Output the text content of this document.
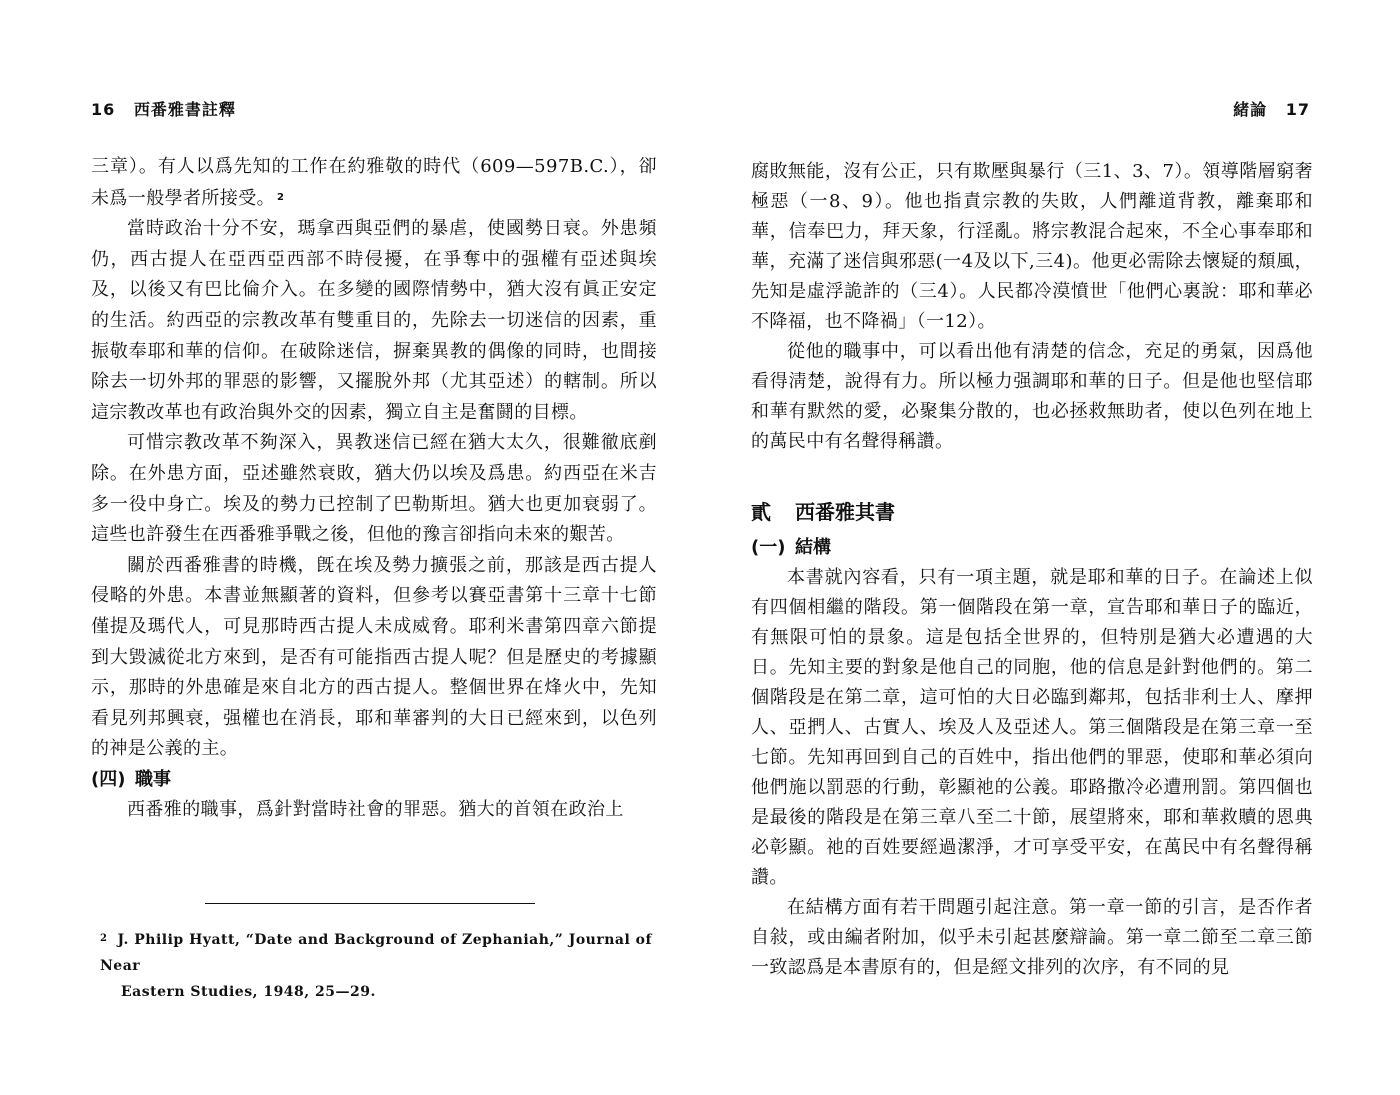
16 西番雅書註釋

三章）。有人以爲先知的工作在約雅敬的時代（609—597B.C.），卻未爲一般學者所接受。 $^2$

當時政治十分不安，瑪拿西與亞們的暴虐，使國勢日衰。外患頻仍，西古提人在亞西亞西部不時侵擾，在爭奪中的强權有亞述與埃及，以後又有巴比倫介入。在多變的國際情勢中，猶大沒有眞正安定的生活。約西亞的宗教改革有雙重目的，先除去一切迷信的因素，重振敬奉耶和華的信仰。在破除迷信，摒棄異教的偶像的同時，也間接除去一切外邦的罪惡的影響，又擺脫外邦（尤其亞述）的轄制。所以這宗教改革也有政治與外交的因素，獨立自主是奮鬪的目標。

可惜宗教改革不夠深入，異教迷信已經在猶大太久，很難徹底剷除。在外患方面，亞述雖然衰敗，猶大仍以埃及爲患。約西亞在米吉多一役中身亡。埃及的勢力已控制了巴勒斯坦。猶大也更加衰弱了。這些也許發生在西番雅爭戰之後，但他的豫言卻指向未來的艱苦。

關於西番雅書的時機，旣在埃及勢力擴張之前，那該是西古提人侵略的外患。本書並無顯著的資料，但參考以賽亞書第十三章十七節僅提及瑪代人，可見那時西古提人未成威脅。耶利米書第四章六節提到大毀滅從北方來到，是否有可能指西古提人呢？但是歷史的考據顯示，那時的外患確是來自北方的西古提人。整個世界在烽火中，先知看見列邦興衰，强權也在消長，耶和華審判的大日已經來到，以色列的神是公義的主。

(四) 職事

西番雅的職事，爲針對當時社會的罪惡。猶大的首領在政治上

$^2$ J. Philip Hyatt, “Date and Background of Zephaniah,” Journal of Near
Eastern Studies, 1948, 25—29.
緒論 17

腐敗無能，沒有公正，只有欺壓與暴行（三1、3、7）。領導階層窮奢極惡（一8、9）。他也指責宗教的失敗，人們離道背教，離棄耶和華，信奉巴力，拜天象，行淫亂。將宗教混合起來，不全心事奉耶和華，充滿了迷信與邪惡(一4及以下,三4)。他更必需除去懷疑的頹風，先知是虛浮詭詐的（三4）。人民都冷漠憤世「他們心裏說：耶和華必不降福，也不降禍」（一12）。

從他的職事中，可以看出他有淸楚的信念，充足的勇氣，因爲他看得淸楚，說得有力。所以極力强調耶和華的日子。但是他也堅信耶和華有默然的愛，必聚集分散的，也必拯救無助者，使以色列在地上的萬民中有名聲得稱讚。

貳 西番雅其書
(一) 結構

本書就內容看，只有一項主題，就是耶和華的日子。在論述上似有四個相繼的階段。第一個階段在第一章，宣告耶和華日子的臨近，有無限可怕的景象。這是包括全世界的，但特別是猶大必遭遇的大日。先知主要的對象是他自己的同胞，他的信息是針對他們的。第二個階段是在第二章，這可怕的大日必臨到鄰邦，包括非利士人、摩押人、亞捫人、古實人、埃及人及亞述人。第三個階段是在第三章一至七節。先知再回到自己的百姓中，指出他們的罪惡，使耶和華必須向他們施以罰惡的行動，彰顯祂的公義。耶路撒冷必遭刑罰。第四個也是最後的階段是在第三章八至二十節，展望將來，耶和華救贖的恩典必彰顯。祂的百姓要經過潔淨，才可享受平安，在萬民中有名聲得稱讚。

在結構方面有若干問題引起注意。第一章一節的引言，是否作者自敍，或由編者附加，似乎未引起甚麼辯論。第一章二節至二章三節一致認爲是本書原有的，但是經文排列的次序，有不同的見
